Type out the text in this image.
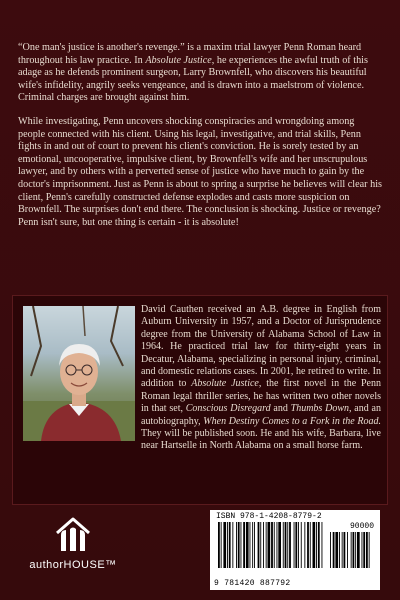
“One man's justice is another's revenge.” is a maxim trial lawyer Penn Roman heard throughout his law practice. In Absolute Justice, he experiences the awful truth of this adage as he defends prominent surgeon, Larry Brownfell, who discovers his beautiful wife's infidelity, angrily seeks vengeance, and is drawn into a maelstrom of violence. Criminal charges are brought against him.

While investigating, Penn uncovers shocking conspiracies and wrongdoing among people connected with his client. Using his legal, investigative, and trial skills, Penn fights in and out of court to prevent his client's conviction. He is sorely tested by an emotional, uncooperative, impulsive client, by Brownfell's wife and her unscrupulous lawyer, and by others with a perverted sense of justice who have much to gain by the doctor's imprisonment. Just as Penn is about to spring a surprise he believes will clear his client, Penn's carefully constructed defense explodes and casts more suspicion on Brownfell. The surprises don't end there. The conclusion is shocking. Justice or revenge? Penn isn't sure, but one thing is certain - it is absolute!

David Cauthen received an A.B. degree in English from Auburn University in 1957, and a Doctor of Jurisprudence degree from the University of Alabama School of Law in 1964. He practiced trial law for thirty-eight years in Decatur, Alabama, specializing in personal injury, criminal, and domestic relations cases. In 2001, he retired to write. In addition to Absolute Justice, the first novel in the Penn Roman legal thriller series, he has written two other novels in that set, Conscious Disregard and Thumbs Down, and an autobiography, When Destiny Comes to a Fork in the Road. They will be published soon. He and his wife, Barbara, live near Hartselle in North Alabama on a small horse farm.

authorHOUSE™
ISBN 978-1-4208-8779-2
90000
9 781420 887792
